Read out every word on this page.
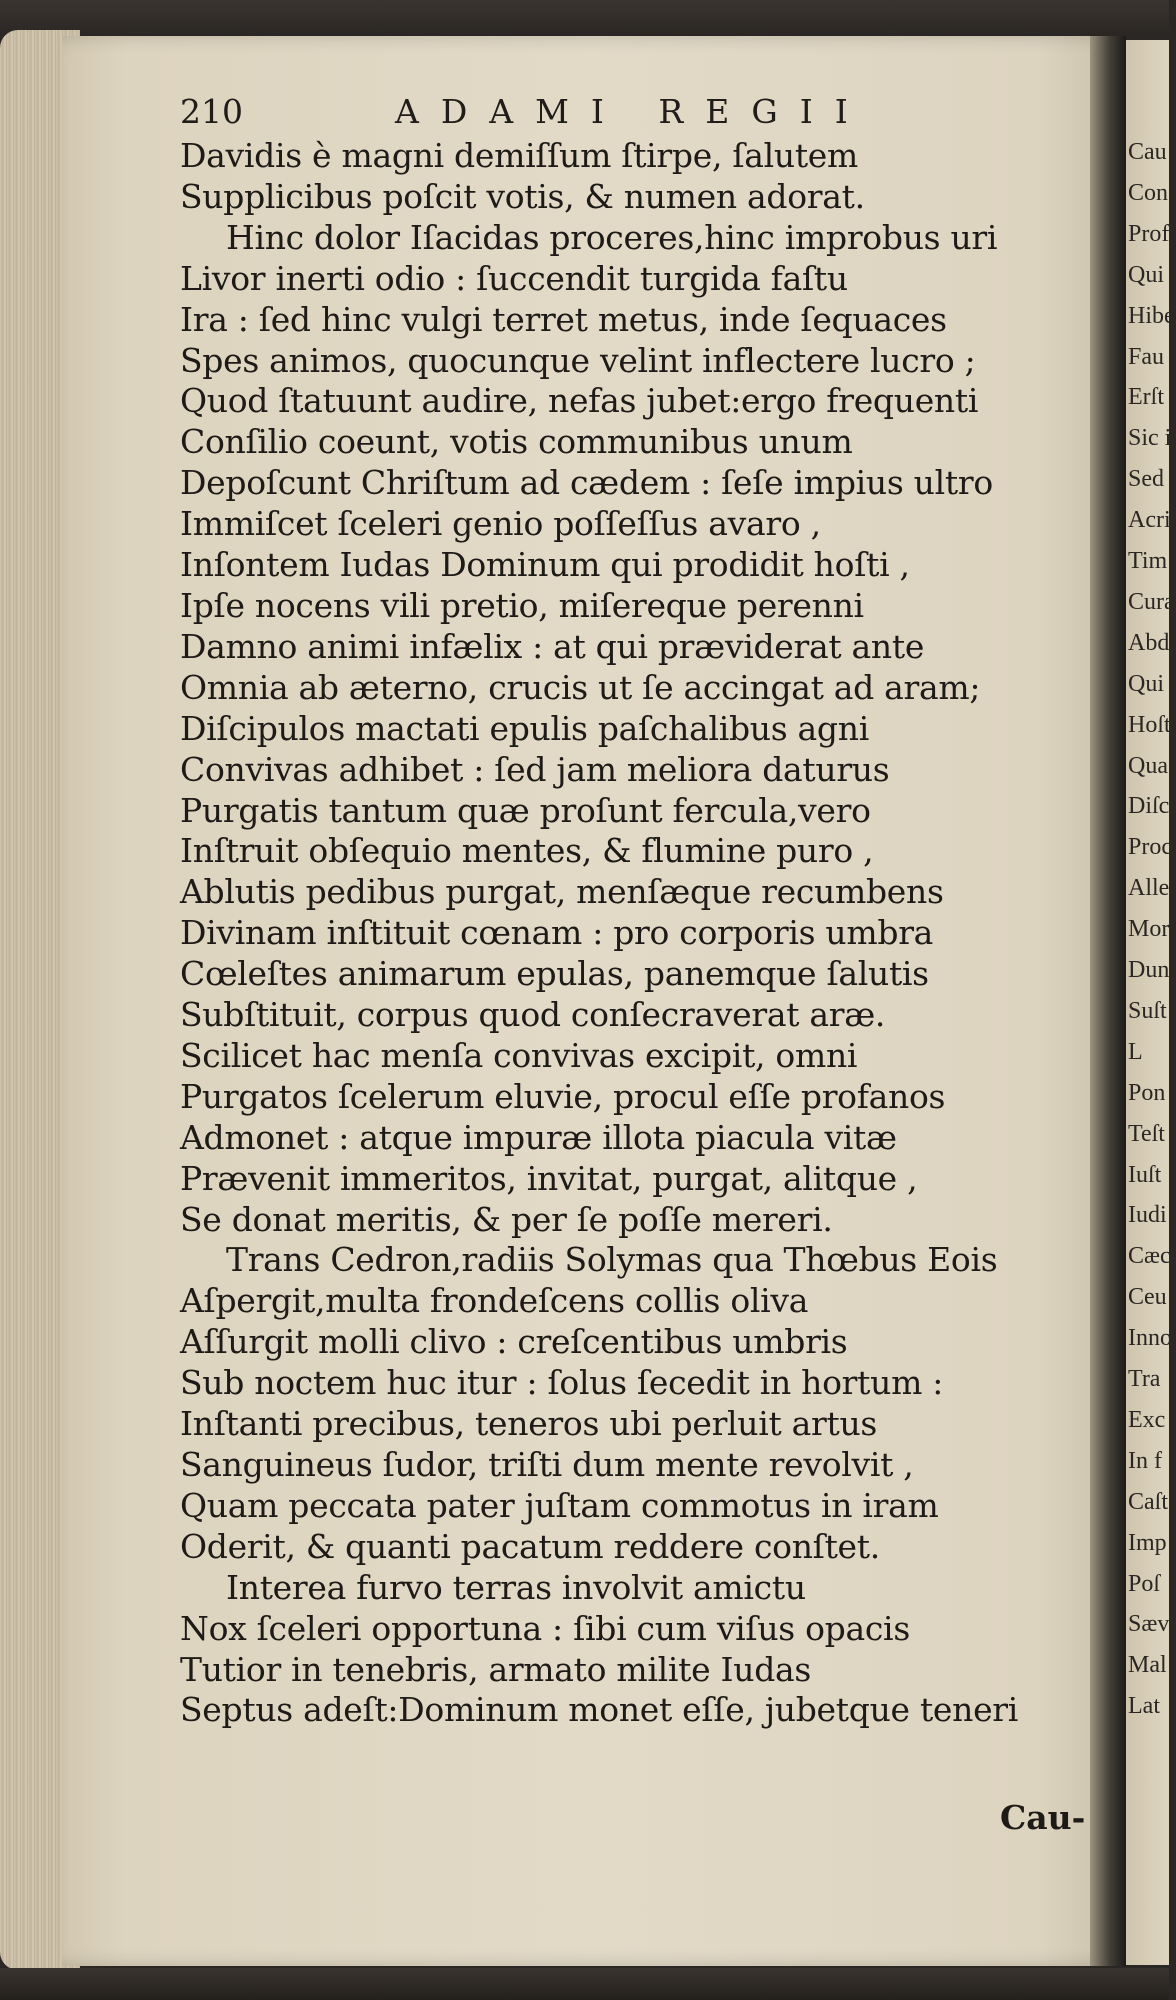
Cau
Con
Prof
Qui
Hibe
Fau
Erſt
Sic i
Sed
Acri
Tim
Cura
Abdi
Qui
Hoſt
Qua
Diſc
Proc
Alle
Mor
Dun
Suſt
L
Pon
Teſt
Iuſt
Iudi
Cæc
Ceu
Inno
Tra
Exc
In f
Caſt
Imp
Poſ
Sæv
Mal
Lat
210	ADAMI REGII
Davidis è magni demiſſum ſtirpe, ſalutem
Supplicibus poſcit votis, & numen adorat.
Hinc dolor Iſacidas proceres,hinc improbus uri
Livor inerti odio : ſuccendit turgida faſtu
Ira : ſed hinc vulgi terret metus, inde ſequaces
Spes animos, quocunque velint inflectere lucro ;
Quod ſtatuunt audire, nefas jubet:ergo frequenti
Conſilio coeunt, votis communibus unum
Depoſcunt Chriſtum ad cædem : ſeſe impius ultro
Immiſcet ſceleri genio poſſeſſus avaro ,
Inſontem Iudas Dominum qui prodidit hoſti ,
Ipſe nocens vili pretio, miſereque perenni
Damno animi infælix : at qui præviderat ante
Omnia ab æterno, crucis ut ſe accingat ad aram;
Diſcipulos mactati epulis paſchalibus agni
Convivas adhibet : ſed jam meliora daturus
Purgatis tantum quæ proſunt fercula,vero
Inſtruit obſequio mentes, & flumine puro ,
Ablutis pedibus purgat, menſæque recumbens
Divinam inſtituit cœnam : pro corporis umbra
Cœleſtes animarum epulas, panemque ſalutis
Subſtituit, corpus quod conſecraverat aræ.
Scilicet hac menſa convivas excipit, omni
Purgatos ſcelerum eluvie, procul eſſe profanos
Admonet : atque impuræ illota piacula vitæ
Prævenit immeritos, invitat, purgat, alitque ,
Se donat meritis, & per ſe poſſe mereri.
Trans Cedron,radiis Solymas qua Thœbus Eois
Aſpergit,multa frondeſcens collis oliva
Aſſurgit molli clivo : creſcentibus umbris
Sub noctem huc itur : ſolus ſecedit in hortum :
Inſtanti precibus, teneros ubi perluit artus
Sanguineus ſudor, triſti dum mente revolvit ,
Quam peccata pater juſtam commotus in iram
Oderit, & quanti pacatum reddere conſtet.
Interea furvo terras involvit amictu
Nox ſceleri opportuna : ſibi cum viſus opacis
Tutior in tenebris, armato milite Iudas
Septus adeſt:Dominum monet eſſe, jubetque teneri
Cau-
